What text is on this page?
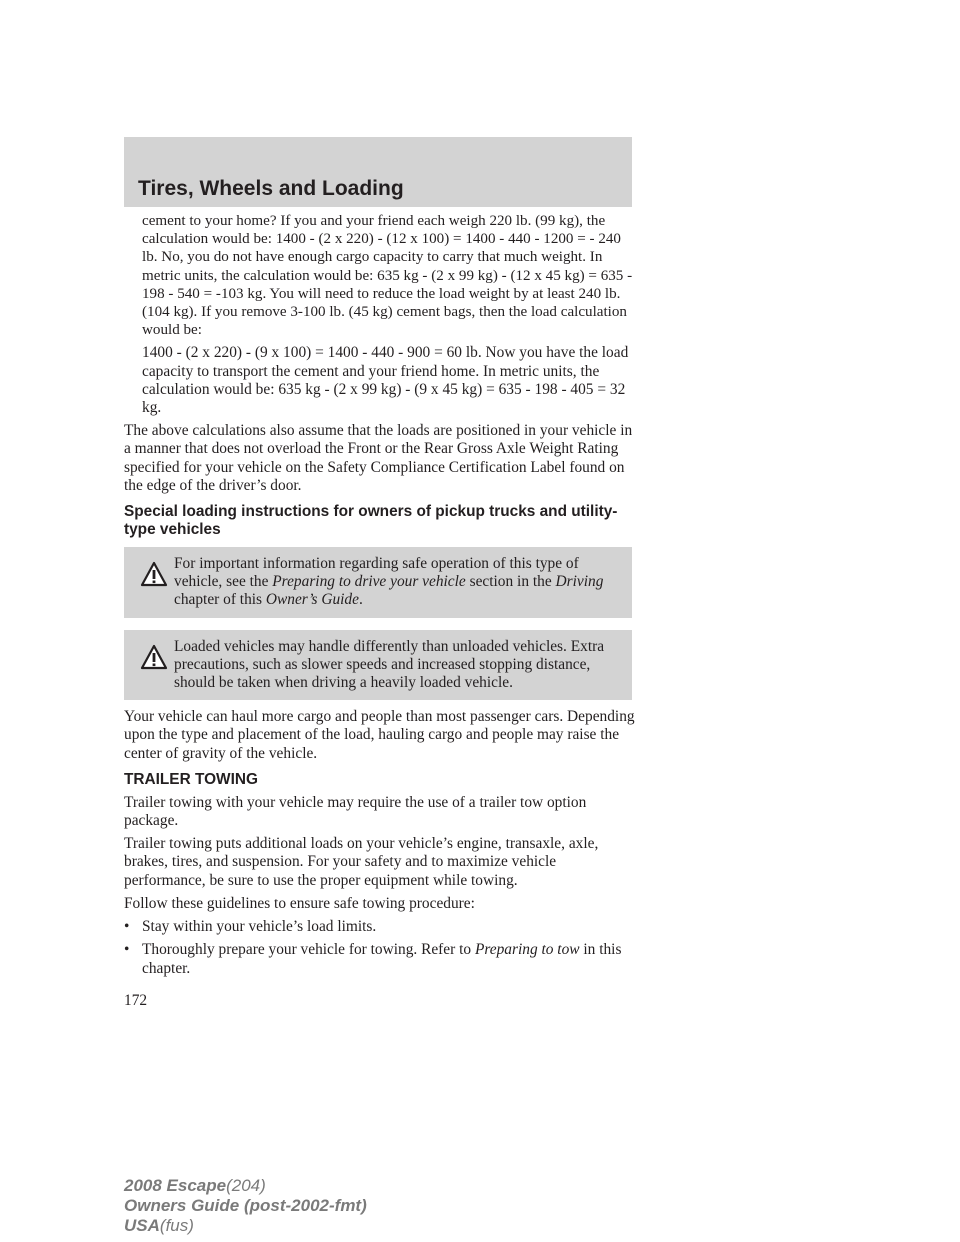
Tires, Wheels and Loading

cement to your home? If you and your friend each weigh 220 lb. (99 kg), the calculation would be: 1400 - (2 x 220) - (12 x 100) = 1400 - 440 - 1200 = - 240 lb. No, you do not have enough cargo capacity to carry that much weight. In metric units, the calculation would be: 635 kg - (2 x 99 kg) - (12 x 45 kg) = 635 - 198 - 540 = -103 kg. You will need to reduce the load weight by at least 240 lb. (104 kg). If you remove 3-100 lb. (45 kg) cement bags, then the load calculation would be:

1400 - (2 x 220) - (9 x 100) = 1400 - 440 - 900 = 60 lb. Now you have the load capacity to transport the cement and your friend home. In metric units, the calculation would be: 635 kg - (2 x 99 kg) - (9 x 45 kg) = 635 - 198 - 405 = 32 kg.

The above calculations also assume that the loads are positioned in your vehicle in a manner that does not overload the Front or the Rear Gross Axle Weight Rating specified for your vehicle on the Safety Compliance Certification Label found on the edge of the driver’s door.

Special loading instructions for owners of pickup trucks and utility-type vehicles

For important information regarding safe operation of this type of vehicle, see the Preparing to drive your vehicle section in the Driving chapter of this Owner’s Guide.

Loaded vehicles may handle differently than unloaded vehicles. Extra precautions, such as slower speeds and increased stopping distance, should be taken when driving a heavily loaded vehicle.

Your vehicle can haul more cargo and people than most passenger cars. Depending upon the type and placement of the load, hauling cargo and people may raise the center of gravity of the vehicle.

TRAILER TOWING

Trailer towing with your vehicle may require the use of a trailer tow option package.

Trailer towing puts additional loads on your vehicle’s engine, transaxle, axle, brakes, tires, and suspension. For your safety and to maximize vehicle performance, be sure to use the proper equipment while towing.

Follow these guidelines to ensure safe towing procedure:

• Stay within your vehicle’s load limits.
• Thoroughly prepare your vehicle for towing. Refer to Preparing to tow in this chapter.

172

2008 Escape(204)
Owners Guide (post-2002-fmt)
USA(fus)
